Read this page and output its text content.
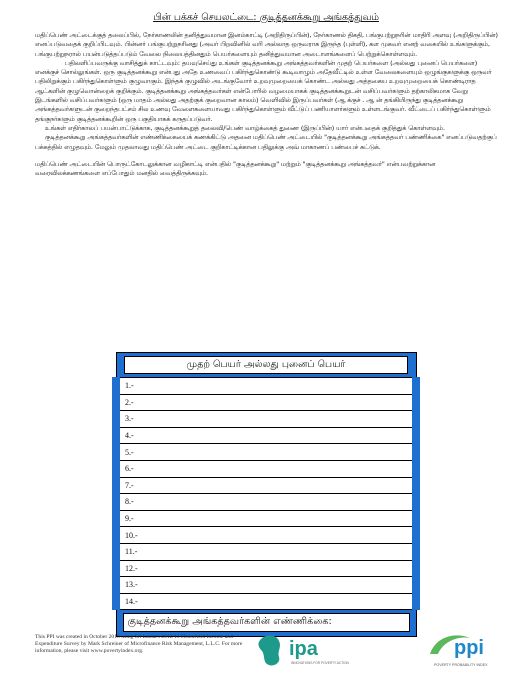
பின் பக்கச் செயலட்டை: குடித்தனக்கூறு அங்கத்துவம்

மதிப்பெண் அட்டைக்குத் தலைப்பில், நேர்காணலின் தனித்துவமான இனம்காட்டி (அறிதிருப்பின்), நேர்காணல் திகதி, பங்குபற்றுநரின் மாதிரி அளவு (அறிதிருப்பின்) எனப்படுவதைக் குறிப்பிடவும். பின்னர் பங்குபற்றுநரினது (அவர் பிறவினில் வரி அல்லாத ஒருவராக இருந்த (புள்ளி), கள முகவர் எனற் வகையில் உங்களுக்கும், பங்குபற்றுநரால் பயன்படுத்தப்படும் வேலை நிலையத்தினதும் பெயர்களையும் தனித்துவமான அடைாளங்களைப் பெற்றுக்கொள்ளவும்.

பதிலளிப்பவருக்கு வாசித்துக் காட்டவும்: தயவுசெய்து உங்கள் குடித்தனக்கூறு அங்கத்தவர்களின் முதற் பெயர்களை (அல்லது புனைப் பெயர்களை) எனக்குச் சொல்லுங்கள். ஒரு குடித்தனக்கூறு என்பது அதே உணவைப் பகிர்ந்துகொண்டு கூடிவாழும் அதேவீட்டில் உள்ள வேலைகளையும் ஒழுங்குகளுக்கு ஒருவர் பதிலிறுக்கும் பகிர்ந்துகொள்ளும் குழுவாகும். இந்தக் குழுவில் அடங்குவோர் உறவுமுறையைக் கொண்ட அல்லது அத்தகைய உறவுமுறையைக் கொண்டிராத ஆட்களின் குழுவொன்றைக் குறிக்கும். குடித்தனக்கூறு அங்கத்தவர்கள் என்போரில் வழமையாகக் குடித்தனக்கூறுடன் வசிப்பவர்களும் தற்காலிகமாக வேறு இடங்களில் வசிப்பவர்களும் (ஒரு மாதம் அல்லது அதற்குக் குறைவான காலம்) வெளிவில் இருப்பவர்கள் (ஆ க்குச் . ஆ ன் தங்கியிருந்து குடித்தனக்கூறு அங்கத்தவர்களுடன் குறைந்தபட்சம் சில உணவு வேளைகளையாவது பகிர்ந்துகொள்ளும் வீட்டுப் பணியாளர்களும் உள்ளடங்குவர். வீட்டைப் பகிர்ந்துகொள்ளும் தங்குநர்களும் குடித்தனக்கூறின் ஒரு பகுதியாகக் கருதப்படுவர்.

உங்கள் எதிர்காலப் பயன்பாட்டுக்காக, குடித்தனக்கூறுத் தலைவி/பெண் வாழ்க்கைத் துணை (இருப்பின்) யார் என்பதைக் குறித்துக் கொள்ளவும்.

குடித்தனக்கூறு அங்கத்தவர்களின் எண்ணிக்கையைக் கணக்கிட்டு அதனை மதிப்பெண் அட்டையில் "குடித்தனக்கூறு அங்கத்தவர் பண்ணிக்கை" எனப்படுவதற்குப் பக்கத்தில் எழுதவும். மேலும் முதலாவது மதிப்பெண் அட்டை குறிகாட்டிக்கான பதிலுக்கு அவ் மாகாணப் பண்பைச் சுட்டுக்.

மதிப்பெண் அட்டையின் பொருட்கோடலுக்கான வழிகாட்டி என்பதில் "குடித்தனக்கூறு" மற்றும் "குடித்தனக்கூறு அங்கத்தவர்" என்பவற்றுக்கான வரைவிலக்கணங்களை எப்போதும் மனதில் வைத்திருக்கவும்.

முதற் பெயர் அல்லது புனைப் பெயர்
1.-
2.-
3.-
4.-
5.-
6.-
7.-
8.-
9.-
10.-
11.-
12.-
13.-
14.-

குடித்தனக்கூறு அங்கத்தவர்களின் எண்ணிக்கை:
This PPI was created in October 2016 using Sri Lanka's 2012/13 Household Income and Expenditure Survey by Mark Schreiner of Microfinance Risk Management, L.L.C. For more information, please visit www.povertyindex.org.	ipa
INNOVATIONS FOR POVERTY ACTION
ppi
POVERTY PROBABILITY INDEX
